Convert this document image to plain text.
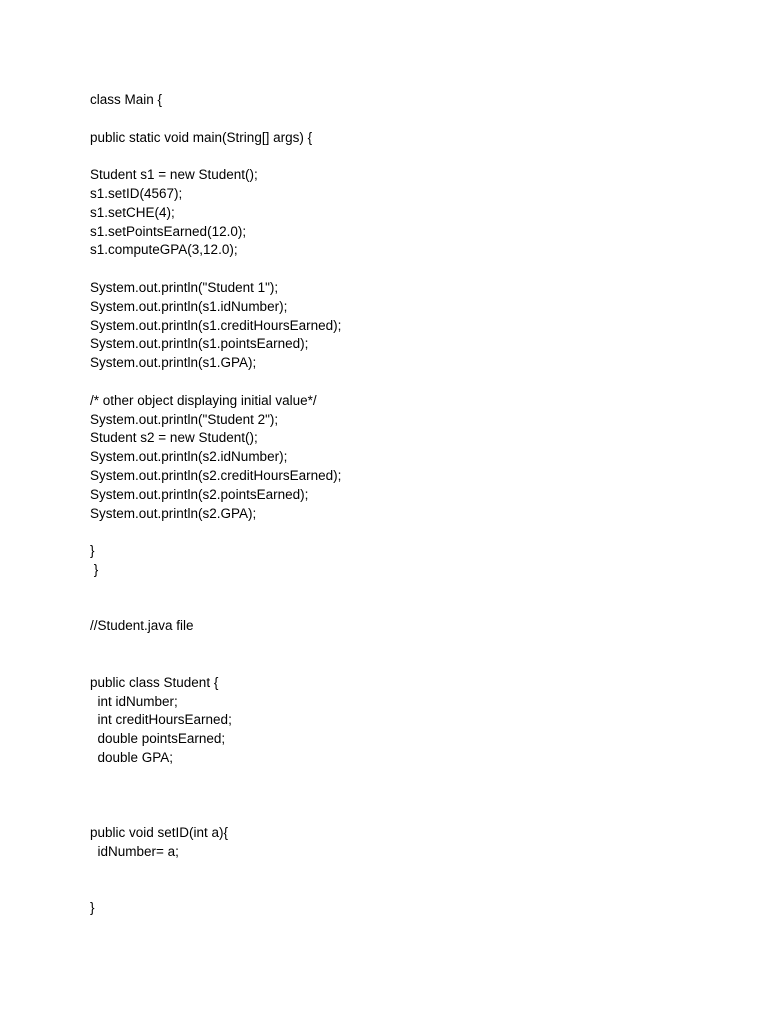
class Main {
public static void main(String[] args) {
Student s1 = new Student();
s1.setID(4567);
s1.setCHE(4);
s1.setPointsEarned(12.0);
s1.computeGPA(3,12.0);
System.out.println("Student 1");
System.out.println(s1.idNumber);
System.out.println(s1.creditHoursEarned);
System.out.println(s1.pointsEarned);
System.out.println(s1.GPA);
/* other object displaying initial value*/
System.out.println("Student 2");
Student s2 = new Student();
System.out.println(s2.idNumber);
System.out.println(s2.creditHoursEarned);
System.out.println(s2.pointsEarned);
System.out.println(s2.GPA);
}
}
//Student.java file
public class Student {
int idNumber;
int creditHoursEarned;
double pointsEarned;
double GPA;
public void setID(int a){
idNumber= a;
}
